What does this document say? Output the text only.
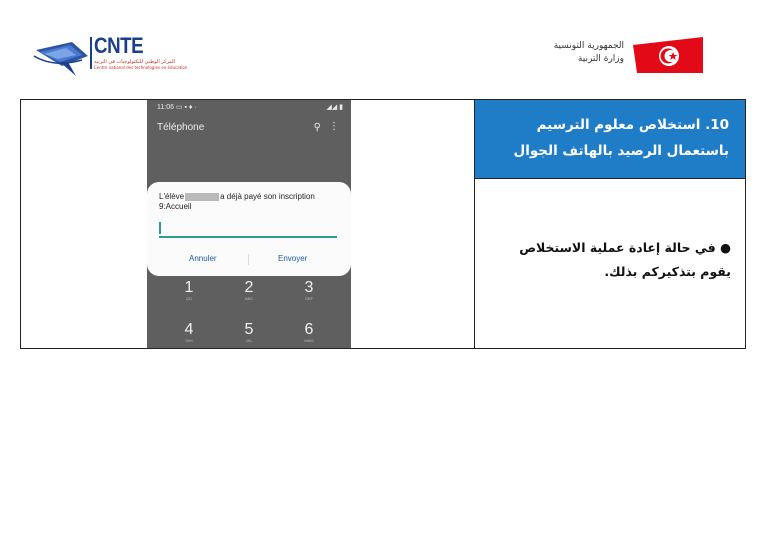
CNTE
المركز الوطني للتكنولوجيات في التربية
Centre national des technologies en éducation
الجمهورية التونسية
وزارة التربية
10. استخلاص معلوم الترسيم باستعمال الرصيد بالهاتف الجوال
● في حالة إعادة عملية الاستخلاص يقوم بتذكيركم بذلك.
11:06 ▭ ▪ ♦ ·	◢◢ ▮
Téléphone	⚲ ⋮
L'élève	a déjà payé son inscription
9:Accueil
Annuler	Envoyer
1
QD
2
ABC
3
DEF
4
GHI
5
JKL
6
MNO
